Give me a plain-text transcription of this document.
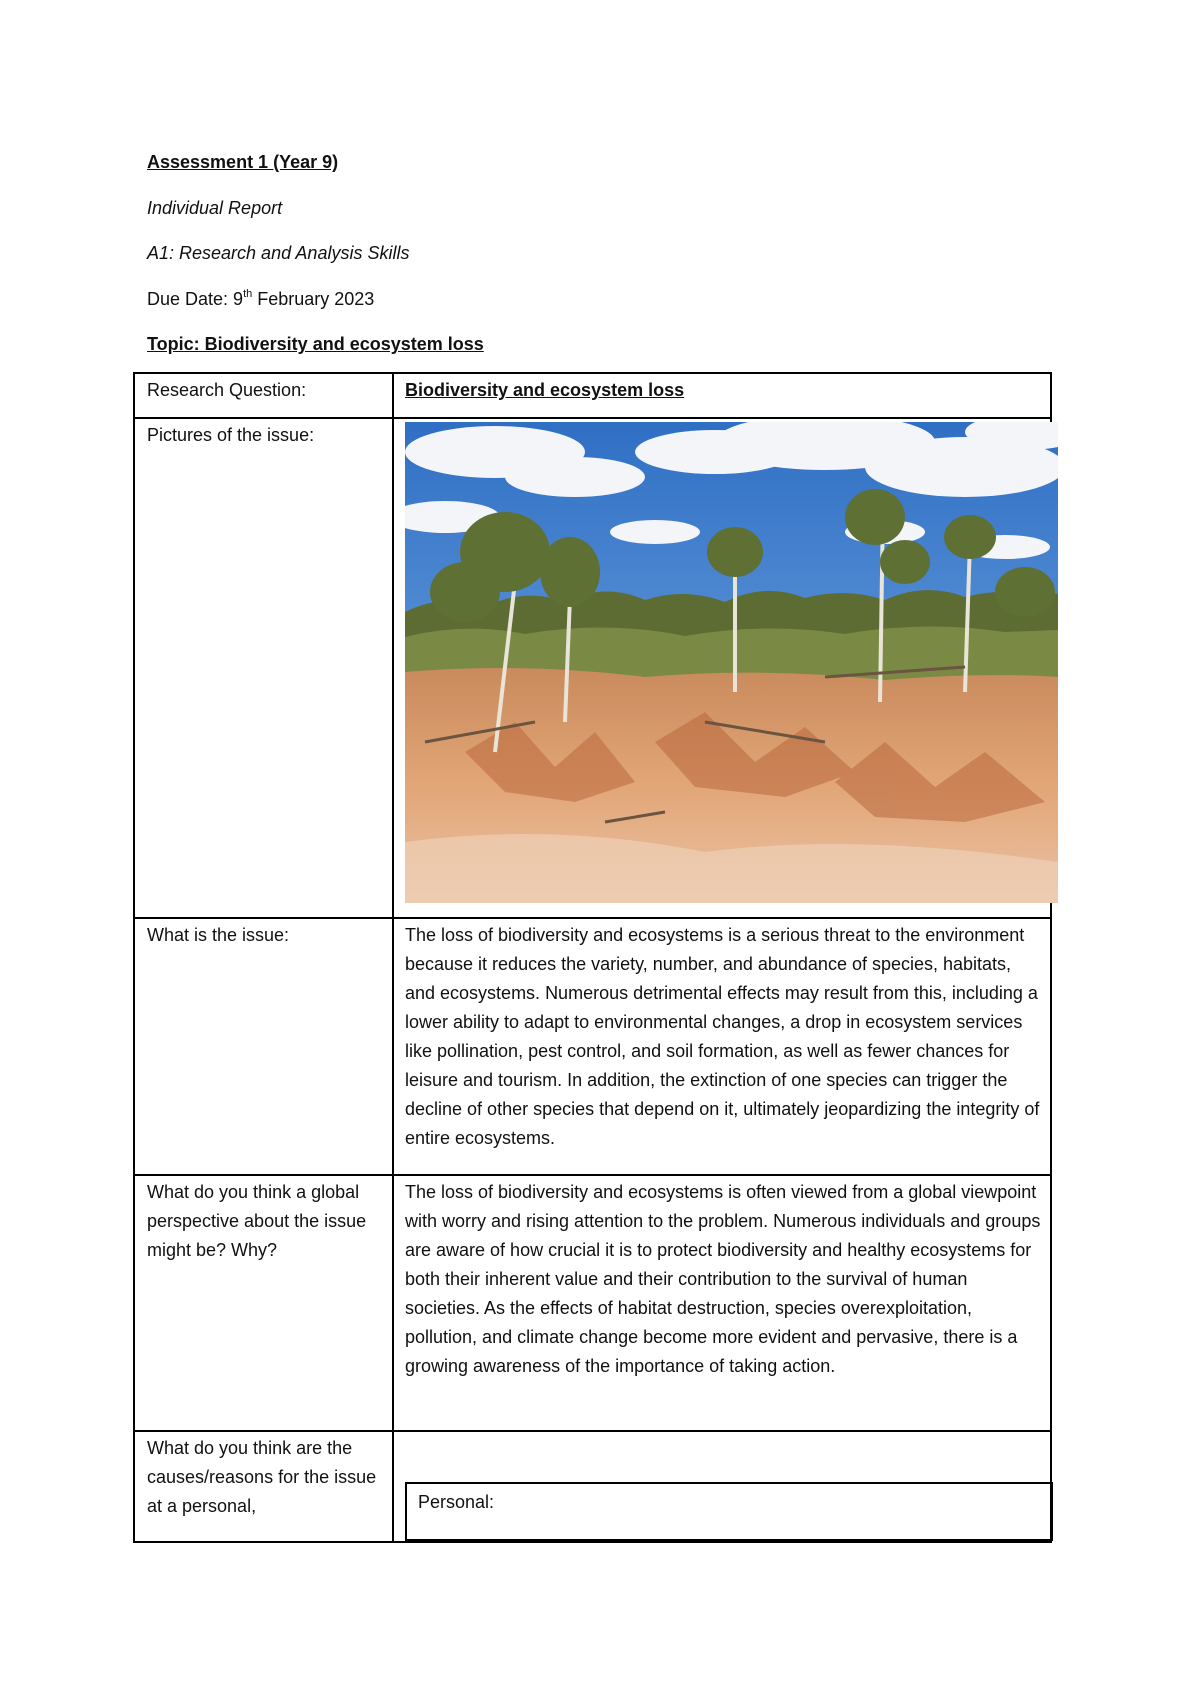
Assessment 1 (Year 9)
Individual Report
A1: Research and Analysis Skills
Due Date: 9th February 2023
Topic: Biodiversity and ecosystem loss
Research Question:	Biodiversity and ecosystem loss
Pictures of the issue:	

What is the issue:	The loss of biodiversity and ecosystems is a serious threat to the environment because it reduces the variety, number, and abundance of species, habitats, and ecosystems. Numerous detrimental effects may result from this, including a lower ability to adapt to environmental changes, a drop in ecosystem services like pollination, pest control, and soil formation, as well as fewer chances for leisure and tourism. In addition, the extinction of one species can trigger the decline of other species that depend on it, ultimately jeopardizing the integrity of entire ecosystems.
What do you think a global perspective about the issue might be? Why?	The loss of biodiversity and ecosystems is often viewed from a global viewpoint with worry and rising attention to the problem. Numerous individuals and groups are aware of how crucial it is to protect biodiversity and healthy ecosystems for both their inherent value and their contribution to the survival of human societies. As the effects of habitat destruction, species overexploitation, pollution, and climate change become more evident and pervasive, there is a growing awareness of the importance of taking action.
What do you think are the causes/reasons for the issue at a personal,	Personal:
